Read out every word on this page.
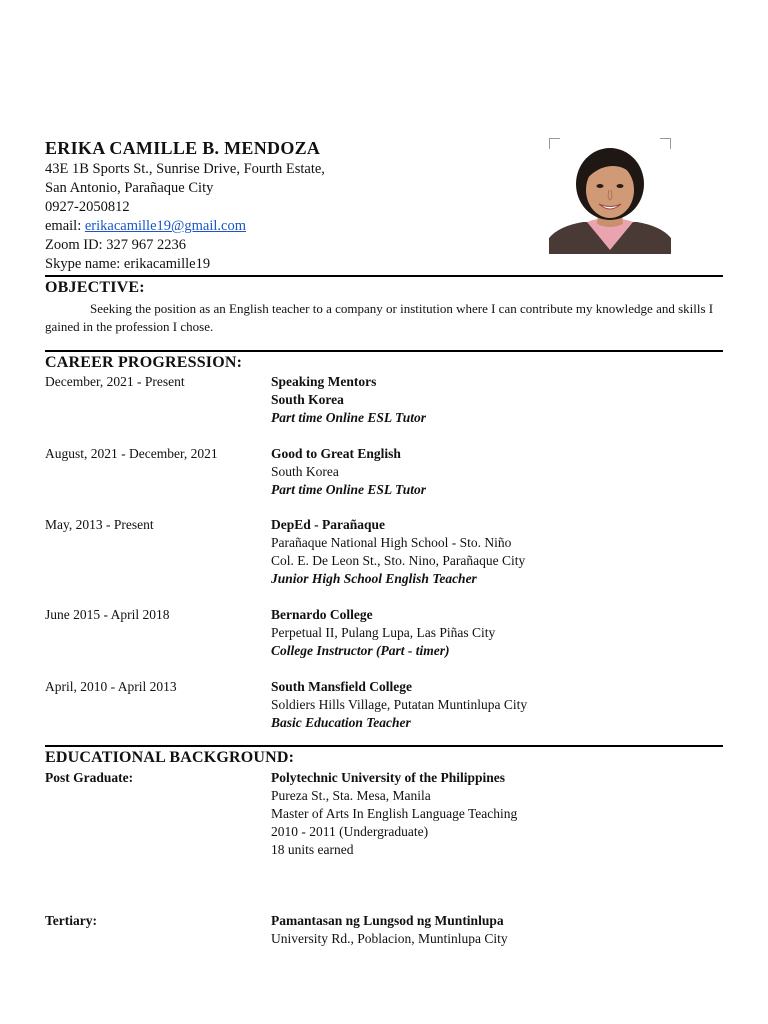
ERIKA CAMILLE B. MENDOZA
43E 1B Sports St., Sunrise Drive, Fourth Estate,
San Antonio, Parañaque City
0927-2050812
email: erikacamille19@gmail.com
Zoom ID: 327 967 2236
Skype name: erikacamille19
OBJECTIVE:
Seeking the position as an English teacher to a company or institution where I can contribute my knowledge and skills I gained in the profession I chose.
CAREER PROGRESSION:
December, 2021 - Present	Speaking Mentors
South Korea
Part time Online ESL Tutor
August, 2021 - December, 2021	Good to Great English
South Korea
Part time Online ESL Tutor
May, 2013 - Present	DepEd - Parañaque
Parañaque National High School - Sto. Niño
Col. E. De Leon St., Sto. Nino, Parañaque City
Junior High School English Teacher
June 2015 - April 2018	Bernardo College
Perpetual II, Pulang Lupa, Las Piñas City
College Instructor (Part - timer)
April, 2010 - April 2013	South Mansfield College
Soldiers Hills Village, Putatan Muntinlupa City
Basic Education Teacher
EDUCATIONAL BACKGROUND:
Post Graduate:	Polytechnic University of the Philippines
Pureza St., Sta. Mesa, Manila
Master of Arts In English Language Teaching
2010 - 2011 (Undergraduate)
18 units earned
Tertiary:	Pamantasan ng Lungsod ng Muntinlupa
University Rd., Poblacion, Muntinlupa City
